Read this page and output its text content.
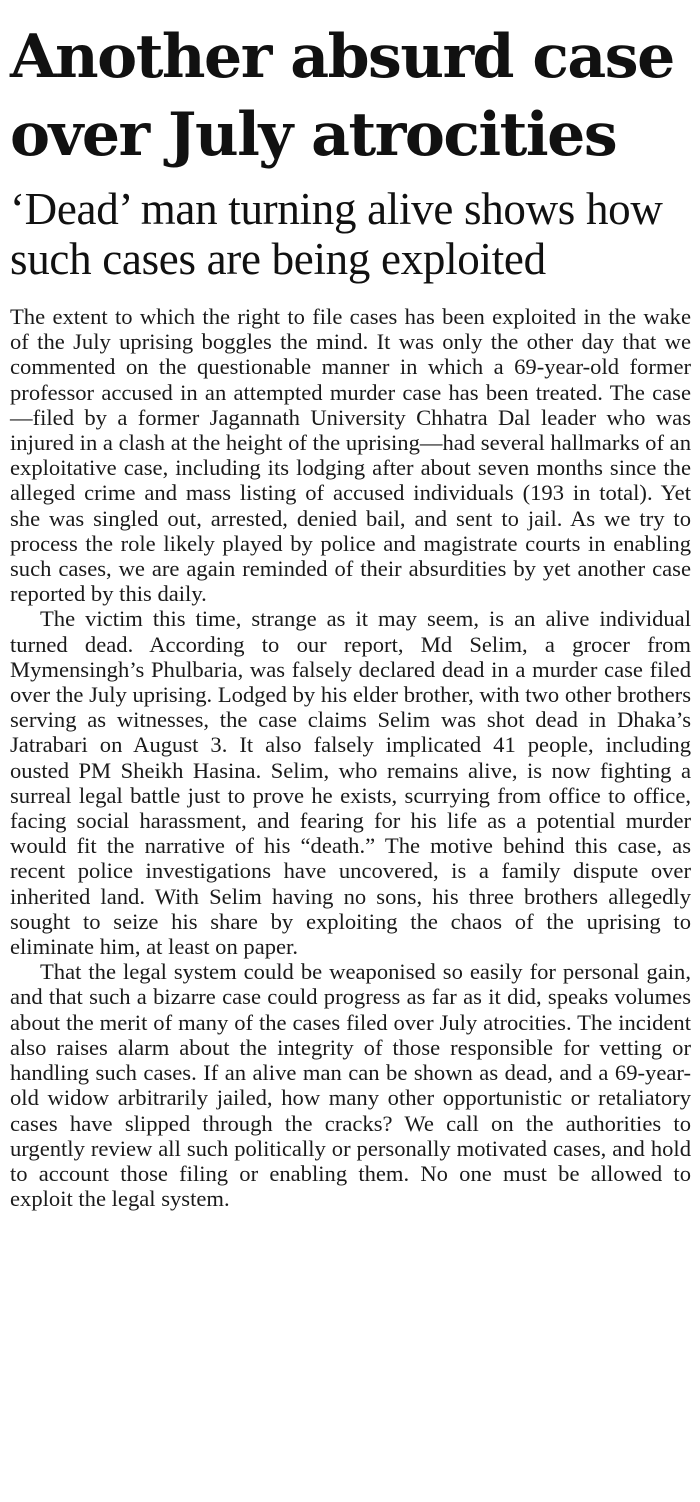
Another absurd case over July atrocities
‘Dead’ man turning alive shows how such cases are being exploited

The extent to which the right to file cases has been exploited in the wake of the July uprising boggles the mind. It was only the other day that we commented on the questionable manner in which a 69-year-old former professor accused in an attempted murder case has been treated. The case—filed by a former Jagannath University Chhatra Dal leader who was injured in a clash at the height of the uprising—had several hallmarks of an exploitative case, including its lodging after about seven months since the alleged crime and mass listing of accused individuals (193 in total). Yet she was singled out, arrested, denied bail, and sent to jail. As we try to process the role likely played by police and magistrate courts in enabling such cases, we are again reminded of their absurdities by yet another case reported by this daily.

The victim this time, strange as it may seem, is an alive individual turned dead. According to our report, Md Selim, a grocer from Mymensingh’s Phulbaria, was falsely declared dead in a murder case filed over the July uprising. Lodged by his elder brother, with two other brothers serving as witnesses, the case claims Selim was shot dead in Dhaka’s Jatrabari on August 3. It also falsely implicated 41 people, including ousted PM Sheikh Hasina. Selim, who remains alive, is now fighting a surreal legal battle just to prove he exists, scurrying from office to office, facing social harassment, and fearing for his life as a potential murder would fit the narrative of his “death.” The motive behind this case, as recent police investigations have uncovered, is a family dispute over inherited land. With Selim having no sons, his three brothers allegedly sought to seize his share by exploiting the chaos of the uprising to eliminate him, at least on paper.

That the legal system could be weaponised so easily for personal gain, and that such a bizarre case could progress as far as it did, speaks volumes about the merit of many of the cases filed over July atrocities. The incident also raises alarm about the integrity of those responsible for vetting or handling such cases. If an alive man can be shown as dead, and a 69-year-old widow arbitrarily jailed, how many other opportunistic or retaliatory cases have slipped through the cracks? We call on the authorities to urgently review all such politically or personally motivated cases, and hold to account those filing or enabling them. No one must be allowed to exploit the legal system.
